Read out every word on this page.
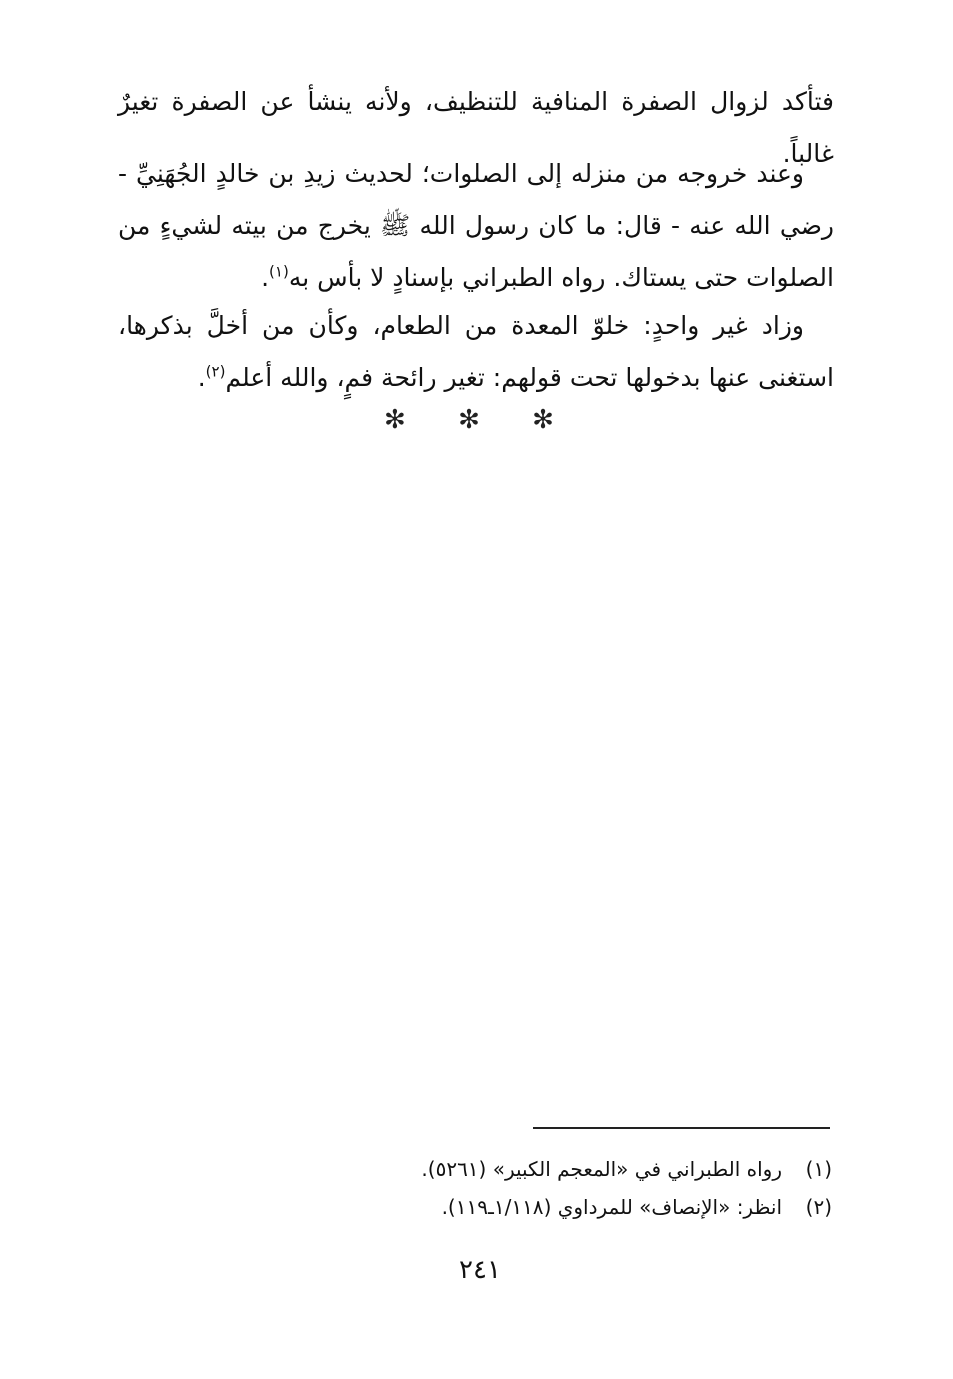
فتأكد لزوال الصفرة المنافية للتنظيف، ولأنه ينشأ عن الصفرة تغيرٌ غالباً.

وعند خروجه من منزله إلى الصلوات؛ لحديث زيدِ بن خالدٍ الجُهَنِيِّ - رضي الله عنه - قال: ما كان رسول الله ﷺ يخرج من بيته لشيءٍ من الصلوات حتى يستاك. رواه الطبراني بإسنادٍ لا بأس به$^{(١)}$.

وزاد غير واحدٍ: خلوّ المعدة من الطعام، وكأن من أخلَّ بذكرها، استغنى عنها بدخولها تحت قولهم: تغير رائحة فمٍ، والله أعلم$^{(٢)}$.

✻ ✻ ✻
(١)رواه الطبراني في «المعجم الكبير» (٥٢٦١).
(٢)انظر: «الإنصاف» للمرداوي (١/١١٨ـ١١٩).
٢٤١
